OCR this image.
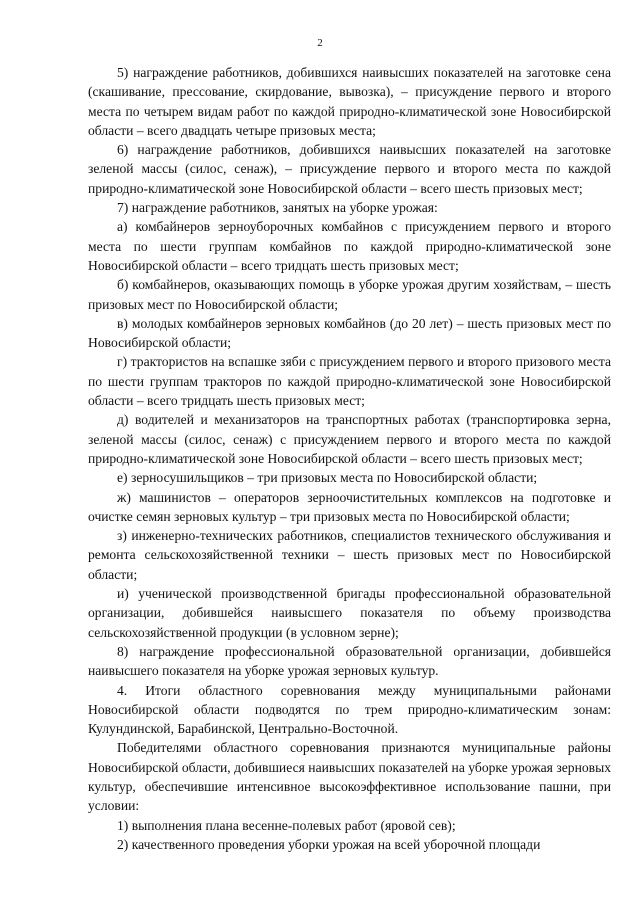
2

5) награждение работников, добившихся наивысших показателей на заготовке сена (скашивание, прессование, скирдование, вывозка), – присуждение первого и второго места по четырем видам работ по каждой природно-климатической зоне Новосибирской области – всего двадцать четыре призовых места;

6) награждение работников, добившихся наивысших показателей на заготовке зеленой массы (силос, сенаж), – присуждение первого и второго места по каждой природно-климатической зоне Новосибирской области – всего шесть призовых мест;

7) награждение работников, занятых на уборке урожая:

а) комбайнеров зерноуборочных комбайнов с присуждением первого и второго места по шести группам комбайнов по каждой природно-климатической зоне Новосибирской области – всего тридцать шесть призовых мест;

б) комбайнеров, оказывающих помощь в уборке урожая другим хозяйствам, – шесть призовых мест по Новосибирской области;

в) молодых комбайнеров зерновых комбайнов (до 20 лет) – шесть призовых мест по Новосибирской области;

г) трактористов на вспашке зяби с присуждением первого и второго призового места по шести группам тракторов по каждой природно-климатической зоне Новосибирской области – всего тридцать шесть призовых мест;

д) водителей и механизаторов на транспортных работах (транспортировка зерна, зеленой массы (силос, сенаж) с присуждением первого и второго места по каждой природно-климатической зоне Новосибирской области – всего шесть призовых мест;

е) зерносушильщиков – три призовых места по Новосибирской области;

ж) машинистов – операторов зерноочистительных комплексов на подготовке и очистке семян зерновых культур – три призовых места по Новосибирской области;

з) инженерно-технических работников, специалистов технического обслуживания и ремонта сельскохозяйственной техники – шесть призовых мест по Новосибирской области;

и) ученической производственной бригады профессиональной образовательной организации, добившейся наивысшего показателя по объему производства сельскохозяйственной продукции (в условном зерне);

8) награждение профессиональной образовательной организации, добившейся наивысшего показателя на уборке урожая зерновых культур.

4. Итоги областного соревнования между муниципальными районами Новосибирской области подводятся по трем природно-климатическим зонам: Кулундинской, Барабинской, Центрально-Восточной.

Победителями областного соревнования признаются муниципальные районы Новосибирской области, добившиеся наивысших показателей на уборке урожая зерновых культур, обеспечившие интенсивное высокоэффективное использование пашни, при условии:

1) выполнения плана весенне-полевых работ (яровой сев);

2) качественного проведения уборки урожая на всей уборочной площади
